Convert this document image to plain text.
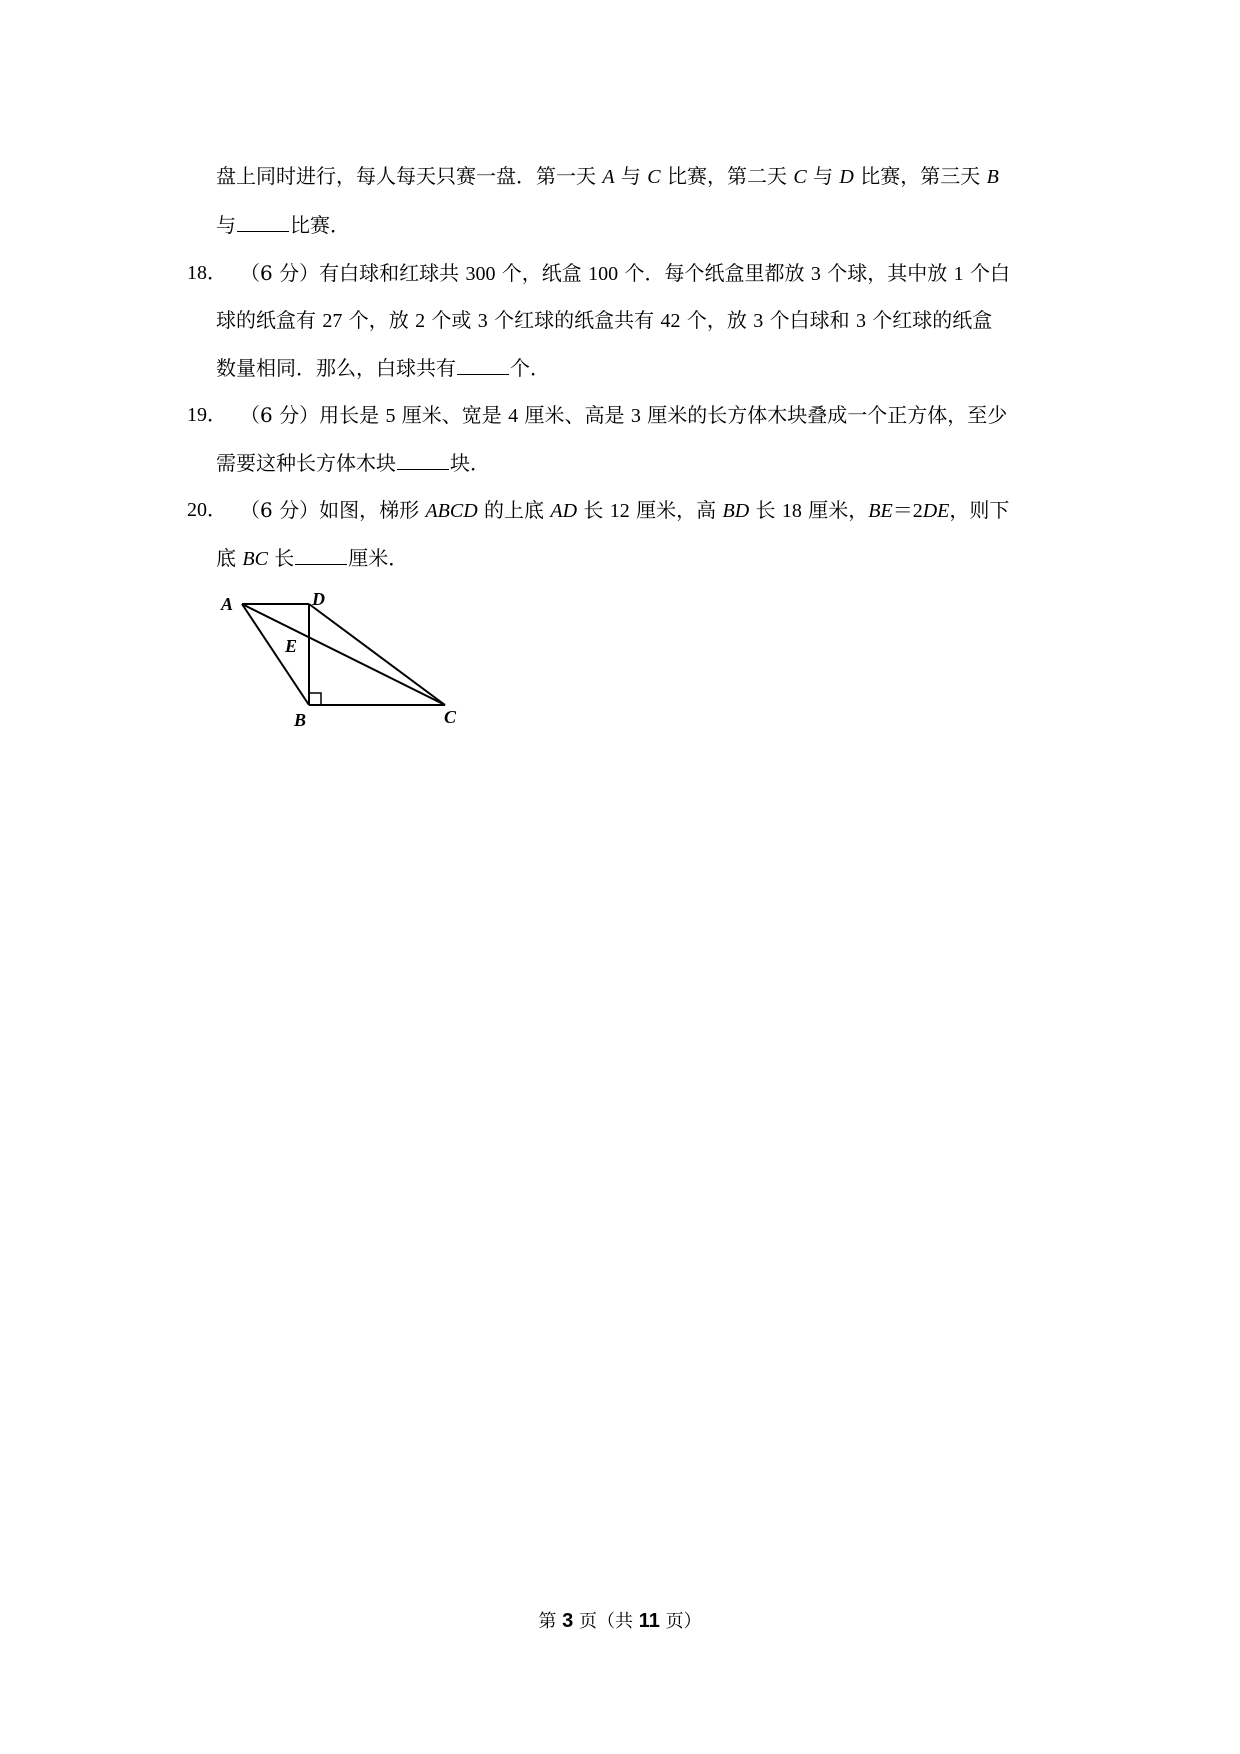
盘上同时进行，每人每天只赛一盘．第一天 A 与 C 比赛，第二天 C 与 D 比赛，第三天 B
与	比赛．
18． （6 分）有白球和红球共 300 个，纸盒 100 个．每个纸盒里都放 3 个球，其中放 1 个白
球的纸盒有 27 个，放 2 个或 3 个红球的纸盒共有 42 个，放 3 个白球和 3 个红球的纸盒
数量相同．那么，白球共有	个．
19． （6 分）用长是 5 厘米、宽是 4 厘米、高是 3 厘米的长方体木块叠成一个正方体，至少
需要这种长方体木块	块．
20． （6 分）如图，梯形 ABCD 的上底 AD 长 12 厘米，高 BD 长 18 厘米，BE＝2DE，则下
底 BC 长	厘米．
A	D
E
B	C
第 3 页（共 11 页）
